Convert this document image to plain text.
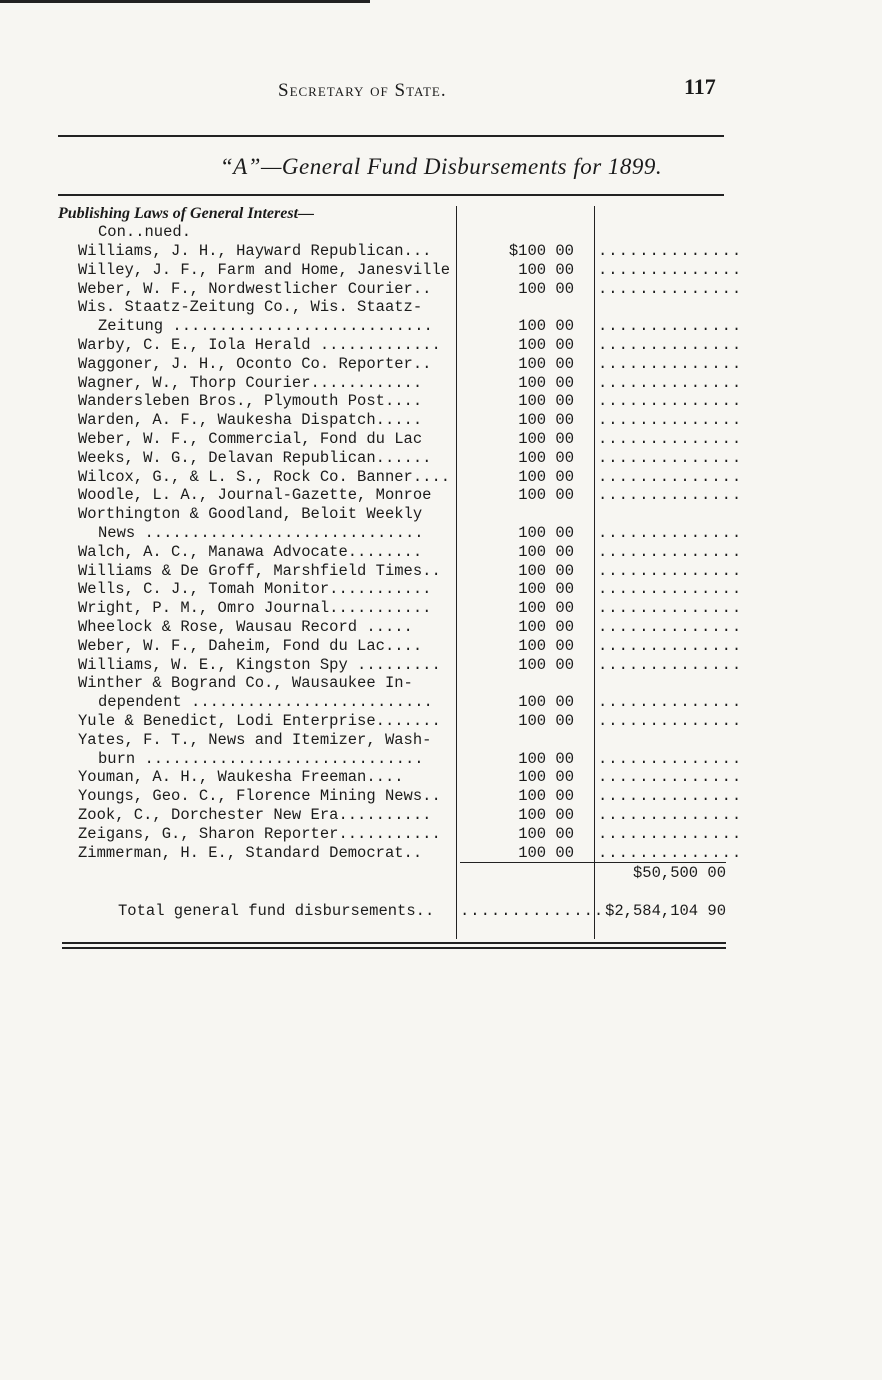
Secretary of State.	117
“A”—General Fund Disbursements for 1899.
Publishing Laws of General Interest—
Con..nued.
Williams, J. H., Hayward Republican...	$100 00	..............
Willey, J. F., Farm and Home, Janesville	100 00	..............
Weber, W. F., Nordwestlicher Courier..	100 00	..............
Wis. Staatz-Zeitung Co., Wis. Staatz-
Zeitung ............................	100 00	..............
Warby, C. E., Iola Herald .............	100 00	..............
Waggoner, J. H., Oconto Co. Reporter..	100 00	..............
Wagner, W., Thorp Courier............	100 00	..............
Wandersleben Bros., Plymouth Post....	100 00	..............
Warden, A. F., Waukesha Dispatch.....	100 00	..............
Weber, W. F., Commercial, Fond du Lac	100 00	..............
Weeks, W. G., Delavan Republican......	100 00	..............
Wilcox, G., & L. S., Rock Co. Banner....	100 00	..............
Woodle, L. A., Journal-Gazette, Monroe	100 00	..............
Worthington & Goodland, Beloit Weekly
News ..............................	100 00	..............
Walch, A. C., Manawa Advocate........	100 00	..............
Williams & De Groff, Marshfield Times..	100 00	..............
Wells, C. J., Tomah Monitor...........	100 00	..............
Wright, P. M., Omro Journal...........	100 00	..............
Wheelock & Rose, Wausau Record .....	100 00	..............
Weber, W. F., Daheim, Fond du Lac....	100 00	..............
Williams, W. E., Kingston Spy .........	100 00	..............
Winther & Bogrand Co., Wausaukee In-
dependent ..........................	100 00	..............
Yule & Benedict, Lodi Enterprise.......	100 00	..............
Yates, F. T., News and Itemizer, Wash-
burn ..............................	100 00	..............
Youman, A. H., Waukesha Freeman....	100 00	..............
Youngs, Geo. C., Florence Mining News..	100 00	..............
Zook, C., Dorchester New Era..........	100 00	..............
Zeigans, G., Sharon Reporter...........	100 00	..............
Zimmerman, H. E., Standard Democrat..	100 00	..............
$50,500 00
Total general fund disbursements..	.............. $2,584,104 90
